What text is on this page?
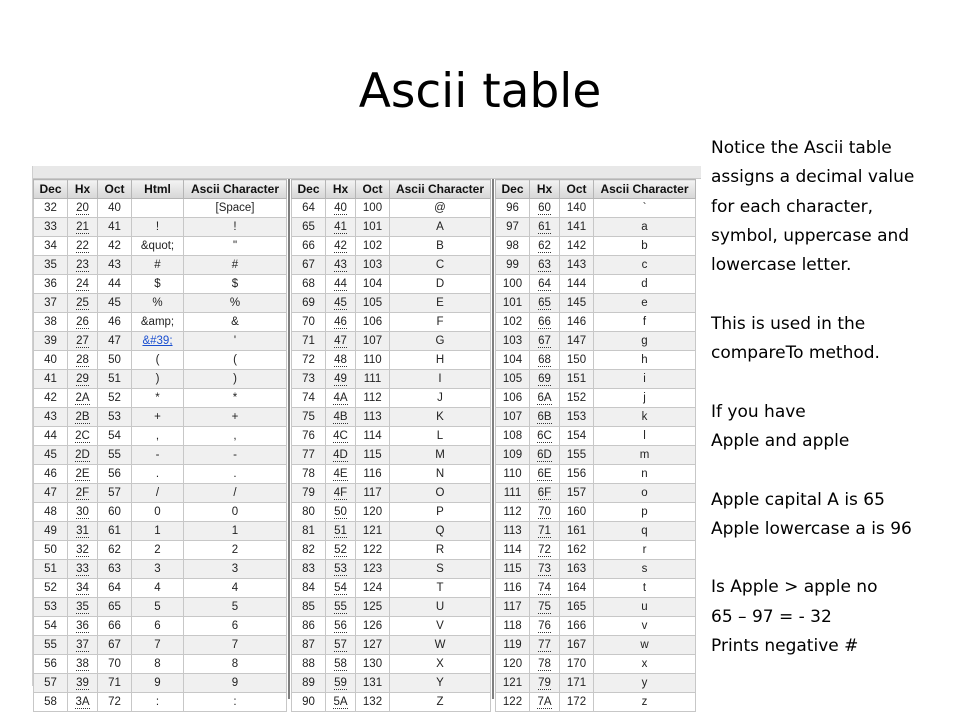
Ascii table
Dec	Hx	Oct	Html	Ascii Character
32	20	40		[Space]
33	21	41	!	!
34	22	42	&quot;	"
35	23	43	#	#
36	24	44	$	$
37	25	45	%	%
38	26	46	&amp;	&
39	27	47	&#39;	'
40	28	50	(	(
41	29	51	)	)
42	2A	52	*	*
43	2B	53	+	+
44	2C	54	,	,
45	2D	55	-	-
46	2E	56	.	.
47	2F	57	/	/
48	30	60	0	0
49	31	61	1	1
50	32	62	2	2
51	33	63	3	3
52	34	64	4	4
53	35	65	5	5
54	36	66	6	6
55	37	67	7	7
56	38	70	8	8
57	39	71	9	9
58	3A	72	:	:
Dec	Hx	Oct	Ascii Character
64	40	100	@
65	41	101	A
66	42	102	B
67	43	103	C
68	44	104	D
69	45	105	E
70	46	106	F
71	47	107	G
72	48	110	H
73	49	111	I
74	4A	112	J
75	4B	113	K
76	4C	114	L
77	4D	115	M
78	4E	116	N
79	4F	117	O
80	50	120	P
81	51	121	Q
82	52	122	R
83	53	123	S
84	54	124	T
85	55	125	U
86	56	126	V
87	57	127	W
88	58	130	X
89	59	131	Y
90	5A	132	Z
Dec	Hx	Oct	Ascii Character
96	60	140	`
97	61	141	a
98	62	142	b
99	63	143	c
100	64	144	d
101	65	145	e
102	66	146	f
103	67	147	g
104	68	150	h
105	69	151	i
106	6A	152	j
107	6B	153	k
108	6C	154	l
109	6D	155	m
110	6E	156	n
111	6F	157	o
112	70	160	p
113	71	161	q
114	72	162	r
115	73	163	s
116	74	164	t
117	75	165	u
118	76	166	v
119	77	167	w
120	78	170	x
121	79	171	y
122	7A	172	z
Notice the Ascii table
assigns a decimal value
for each character,
symbol, uppercase and
lowercase letter.
This is used in the
compareTo method.
If you have
Apple and apple
Apple capital A is 65
Apple lowercase a is 96
Is Apple > apple no
65 – 97 = - 32
Prints negative #
